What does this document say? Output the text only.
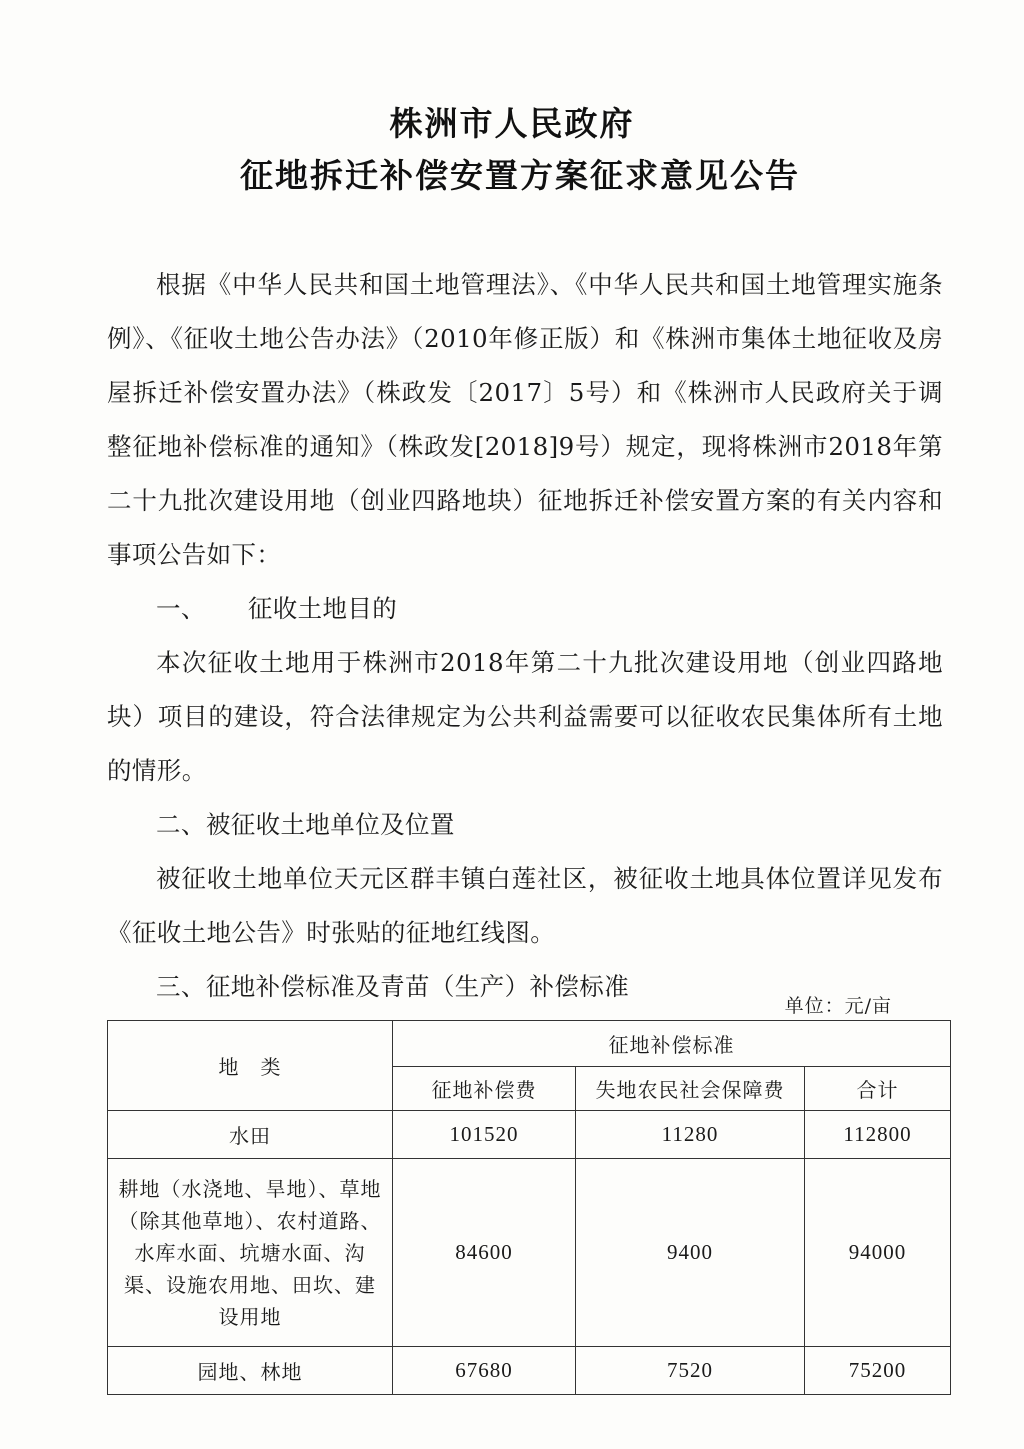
株洲市人民政府
征地拆迁补偿安置方案征求意见公告

根据《中华人民共和国土地管理法》、《中华人民共和国土地管理实施条例》、《征收土地公告办法》（2010年修正版）和《株洲市集体土地征收及房屋拆迁补偿安置办法》（株政发〔2017〕5号）和《株洲市人民政府关于调整征地补偿标准的通知》（株政发[2018]9号）规定，现将株洲市2018年第二十九批次建设用地（创业四路地块）征地拆迁补偿安置方案的有关内容和事项公告如下：

一、 征收土地目的

本次征收土地用于株洲市2018年第二十九批次建设用地（创业四路地块）项目的建设，符合法律规定为公共利益需要可以征收农民集体所有土地的情形。

二、被征收土地单位及位置

被征收土地单位天元区群丰镇白莲社区，被征收土地具体位置详见发布《征收土地公告》时张贴的征地红线图。

三、征地补偿标准及青苗（生产）补偿标准

单位：元/亩
地　类	征地补偿标准		
	征地补偿费	失地农民社会保障费	合计
水田	101520	11280	112800
耕地（水浇地、旱地）、草地（除其他草地）、农村道路、水库水面、坑塘水面、沟渠、设施农用地、田坎、建设用地	84600	9400	94000
园地、林地	67680	7520	75200
